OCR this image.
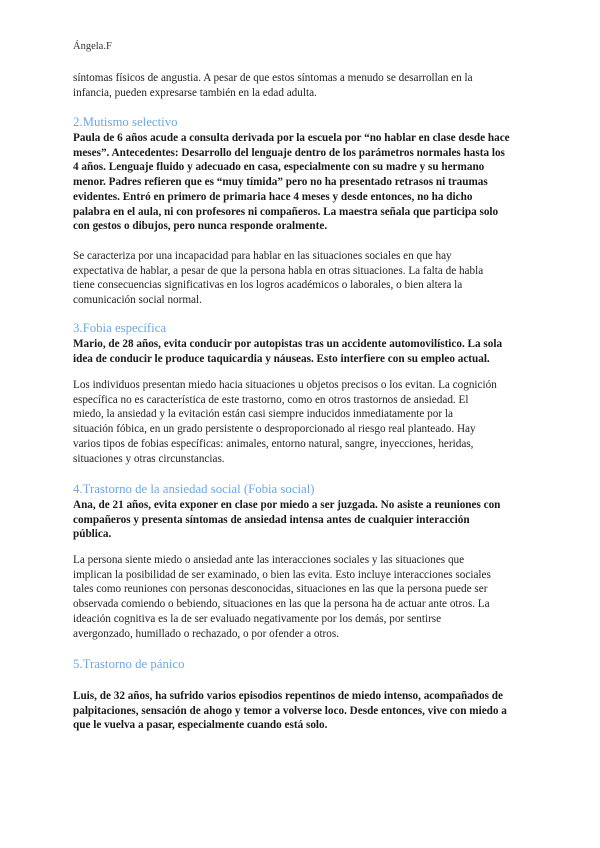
Ángela.F
síntomas físicos de angustia. A pesar de que estos síntomas a menudo se desarrollan en la
infancia, pueden expresarse también en la edad adulta.
2.Mutismo selectivo
Paula de 6 años acude a consulta derivada por la escuela por “no hablar en clase desde hace
meses”. Antecedentes: Desarrollo del lenguaje dentro de los parámetros normales hasta los
4 años. Lenguaje fluido y adecuado en casa, especialmente con su madre y su hermano
menor. Padres refieren que es “muy tímida” pero no ha presentado retrasos ni traumas
evidentes. Entró en primero de primaria hace 4 meses y desde entonces, no ha dicho
palabra en el aula, ni con profesores ni compañeros. La maestra señala que participa solo
con gestos o dibujos, pero nunca responde oralmente.
Se caracteriza por una incapacidad para hablar en las situaciones sociales en que hay
expectativa de hablar, a pesar de que la persona habla en otras situaciones. La falta de habla
tiene consecuencias significativas en los logros académicos o laborales, o bien altera la
comunicación social normal.
3.Fobia específica
Mario, de 28 años, evita conducir por autopistas tras un accidente automovilístico. La sola
idea de conducir le produce taquicardia y náuseas. Esto interfiere con su empleo actual.
Los individuos presentan miedo hacia situaciones u objetos precisos o los evitan. La cognición
específica no es característica de este trastorno, como en otros trastornos de ansiedad. El
miedo, la ansiedad y la evitación están casi siempre inducidos inmediatamente por la
situación fóbica, en un grado persistente o desproporcionado al riesgo real planteado. Hay
varios tipos de fobias específicas: animales, entorno natural, sangre, inyecciones, heridas,
situaciones y otras circunstancias.
4.Trastorno de la ansiedad social (Fobia social)
Ana, de 21 años, evita exponer en clase por miedo a ser juzgada. No asiste a reuniones con
compañeros y presenta síntomas de ansiedad intensa antes de cualquier interacción
pública.
La persona siente miedo o ansiedad ante las interacciones sociales y las situaciones que
implican la posibilidad de ser examinado, o bien las evita. Esto incluye interacciones sociales
tales como reuniones con personas desconocidas, situaciones en las que la persona puede ser
observada comiendo o bebiendo, situaciones en las que la persona ha de actuar ante otros. La
ideación cognitiva es la de ser evaluado negativamente por los demás, por sentirse
avergonzado, humillado o rechazado, o por ofender a otros.
5.Trastorno de pánico
Luis, de 32 años, ha sufrido varios episodios repentinos de miedo intenso, acompañados de
palpitaciones, sensación de ahogo y temor a volverse loco. Desde entonces, vive con miedo a
que le vuelva a pasar, especialmente cuando está solo.
